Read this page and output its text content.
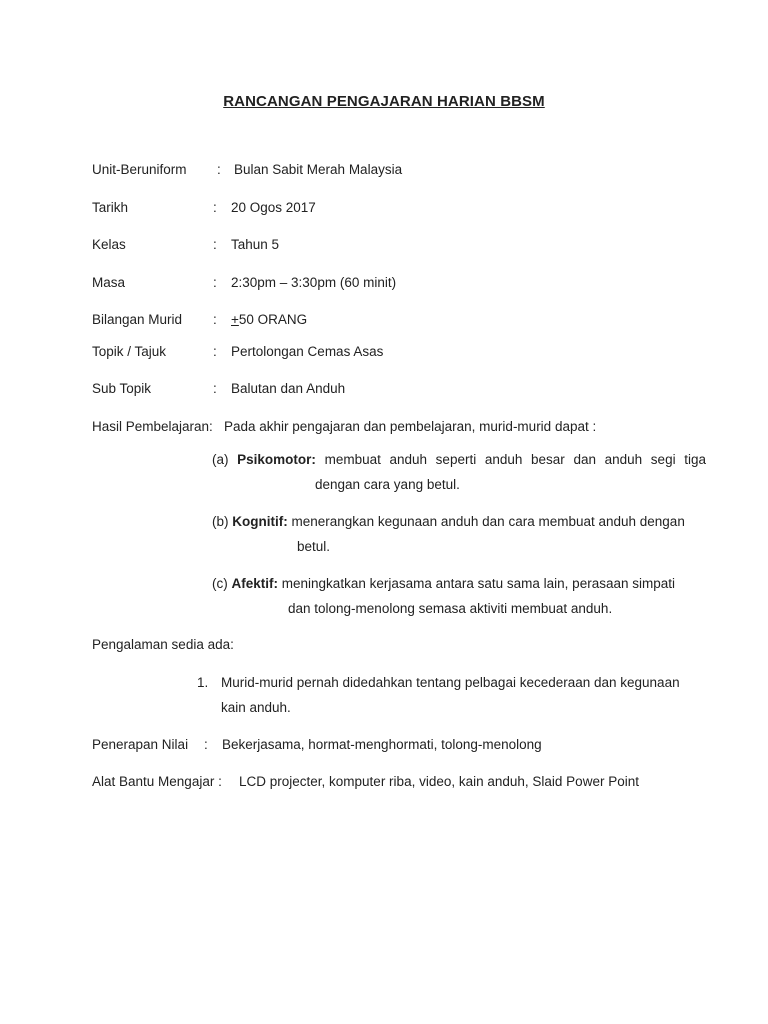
RANCANGAN PENGAJARAN HARIAN BBSM
Unit-Beruniform : Bulan Sabit Merah Malaysia
Tarikh	: 20 Ogos 2017
Kelas	: Tahun 5
Masa	: 2:30pm – 3:30pm (60 minit)
Bilangan Murid : +50 ORANG
Topik / Tajuk	: Pertolongan Cemas Asas
Sub Topik	: Balutan dan Anduh
Hasil Pembelajaran: Pada akhir pengajaran dan pembelajaran, murid-murid dapat :
(a) Psikomotor: membuat anduh seperti anduh besar dan anduh segi tiga
dengan cara yang betul.
(b) Kognitif: menerangkan kegunaan anduh dan cara membuat anduh dengan
betul.
(c) Afektif: meningkatkan kerjasama antara satu sama lain, perasaan simpati
dan tolong-menolong semasa aktiviti membuat anduh.
Pengalaman sedia ada:
1. Murid-murid pernah didedahkan tentang pelbagai kecederaan dan kegunaan
kain anduh.
Penerapan Nilai : Bekerjasama, hormat-menghormati, tolong-menolong
Alat Bantu Mengajar : LCD projecter, komputer riba, video, kain anduh, Slaid Power Point
